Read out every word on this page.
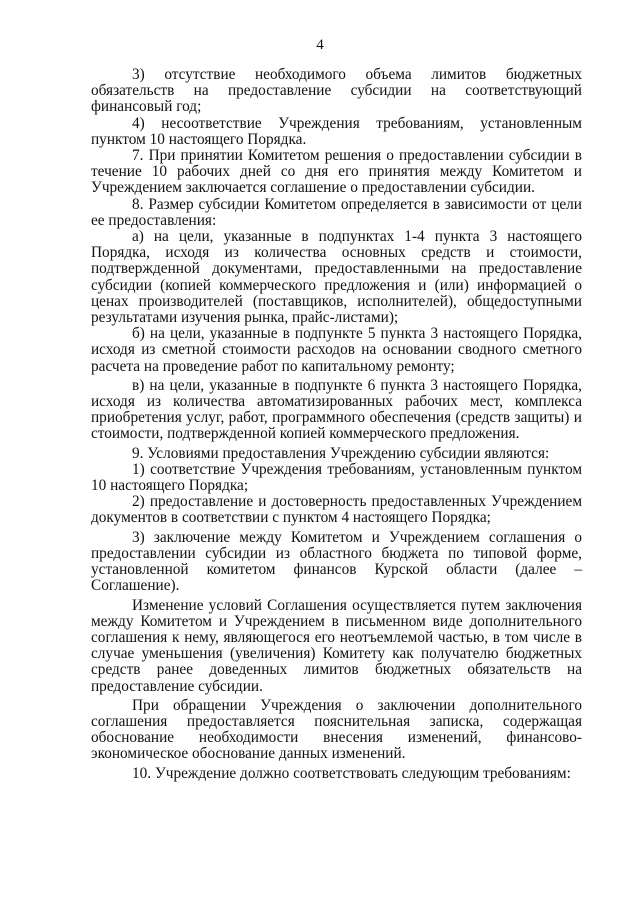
4

3) отсутствие необходимого объема лимитов бюджетных обязательств на предоставление субсидии на соответствующий финансовый год;

4) несоответствие Учреждения требованиям, установленным пунктом 10 настоящего Порядка.

7. При принятии Комитетом решения о предоставлении субсидии в течение 10 рабочих дней со дня его принятия между Комитетом и Учреждением заключается соглашение о предоставлении субсидии.

8. Размер субсидии Комитетом определяется в зависимости от цели ее предоставления:

а) на цели, указанные в подпунктах 1-4 пункта 3 настоящего Порядка, исходя из количества основных средств и стоимости, подтвержденной документами, предоставленными на предоставление субсидии (копией коммерческого предложения и (или) информацией о ценах производителей (поставщиков, исполнителей), общедоступными результатами изучения рынка, прайс-листами);

б) на цели, указанные в подпункте 5 пункта 3 настоящего Порядка, исходя из сметной стоимости расходов на основании сводного сметного расчета на проведение работ по капитальному ремонту;

в) на цели, указанные в подпункте 6 пункта 3 настоящего Порядка, исходя из количества автоматизированных рабочих мест, комплекса приобретения услуг, работ, программного обеспечения (средств защиты) и стоимости, подтвержденной копией коммерческого предложения.

9. Условиями предоставления Учреждению субсидии являются:

1) соответствие Учреждения требованиям, установленным пунктом 10 настоящего Порядка;

2) предоставление и достоверность предоставленных Учреждением документов в соответствии с пунктом 4 настоящего Порядка;

3) заключение между Комитетом и Учреждением соглашения о предоставлении субсидии из областного бюджета по типовой форме, установленной комитетом финансов Курской области (далее – Соглашение).

Изменение условий Соглашения осуществляется путем заключения между Комитетом и Учреждением в письменном виде дополнительного соглашения к нему, являющегося его неотъемлемой частью, в том числе в случае уменьшения (увеличения) Комитету как получателю бюджетных средств ранее доведенных лимитов бюджетных обязательств на предоставление субсидии.

При обращении Учреждения о заключении дополнительного соглашения предоставляется пояснительная записка, содержащая обоснование необходимости внесения изменений, финансово-экономическое обоснование данных изменений.

10. Учреждение должно соответствовать следующим требованиям:
